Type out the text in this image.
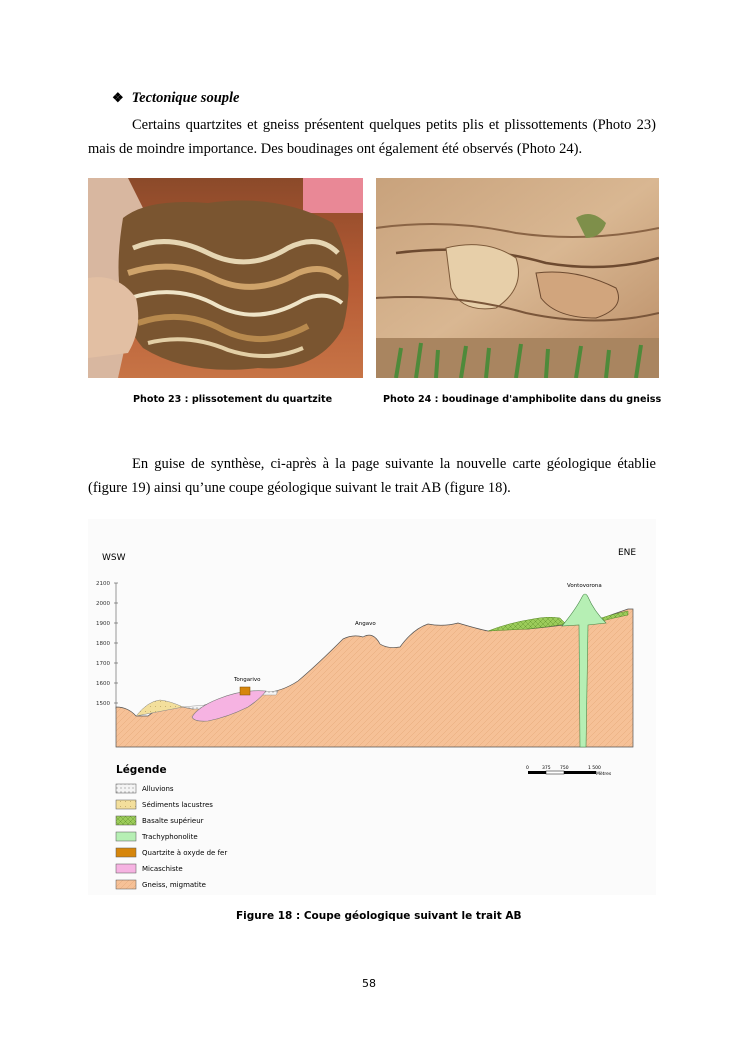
❖ Tectonique souple
Certains quartzites et gneiss présentent quelques petits plis et plissottements (Photo 23) mais de moindre importance. Des boudinages ont également été observés (Photo 24).
Photo 23 : plissotement du quartzite	Photo 24 : boudinage d'amphibolite dans du gneiss
En guise de synthèse, ci-après à la page suivante la nouvelle carte géologique établie (figure 19) ainsi qu’une coupe géologique suivant le trait AB (figure 18).
WSW	ENE
2100
2000
1900
1800
1700
1600
1500
Vontovorona
Angavo
Tongarivo
0	375 750	1 500
Mètres
Légende
Alluvions
Sédiments lacustres
Basalte supérieur
Trachyphonolite
Quartzite à oxyde de fer
Micaschiste
Gneiss, migmatite
Figure 18 : Coupe géologique suivant le trait AB
58
